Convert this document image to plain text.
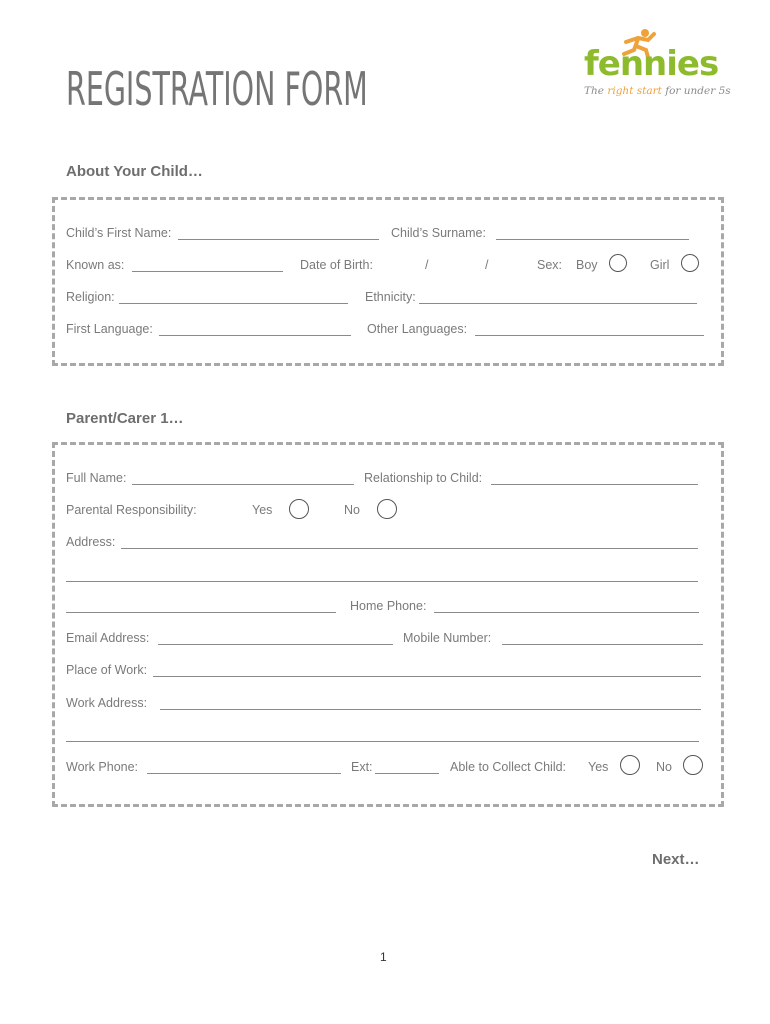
REGISTRATION FORM	fennies
The right start for under 5s
About Your Child…
Child’s First Name:	Child’s Surname:
Known as:	Date of Birth:	/	/	Sex: Boy	Girl
Religion:	Ethnicity:
First Language:	Other Languages:
Parent/Carer 1…
Full Name:	Relationship to Child:
Parental Responsibility:	Yes	No
Address:
Home Phone:
Email Address:	Mobile Number:
Place of Work:
Work Address:
Work Phone:	Ext:	Able to Collect Child: Yes	No
Next…
1
